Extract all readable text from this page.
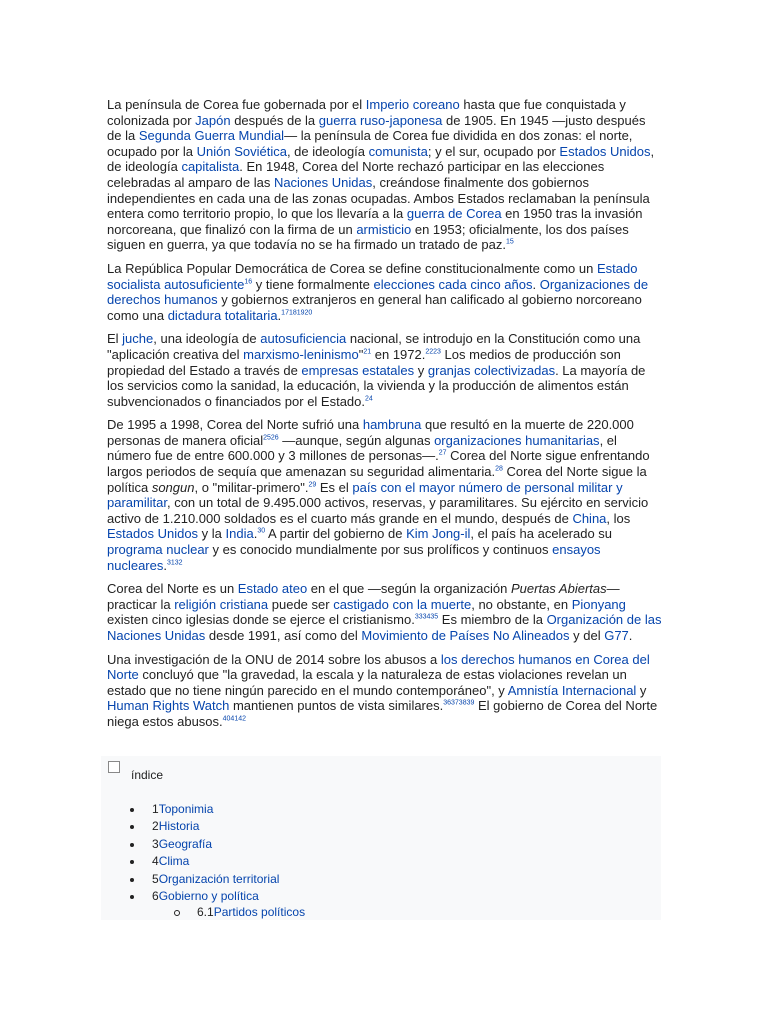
La península de Corea fue gobernada por el Imperio coreano hasta que fue conquistada y colonizada por Japón después de la guerra ruso-japonesa de 1905. En 1945 —justo después de la Segunda Guerra Mundial— la península de Corea fue dividida en dos zonas: el norte, ocupado por la Unión Soviética, de ideología comunista; y el sur, ocupado por Estados Unidos, de ideología capitalista. En 1948, Corea del Norte rechazó participar en las elecciones celebradas al amparo de las Naciones Unidas, creándose finalmente dos gobiernos independientes en cada una de las zonas ocupadas. Ambos Estados reclamaban la península entera como territorio propio, lo que los llevaría a la guerra de Corea en 1950 tras la invasión norcoreana, que finalizó con la firma de un armisticio en 1953; oficialmente, los dos países siguen en guerra, ya que todavía no se ha firmado un tratado de paz.$^{15}$

La República Popular Democrática de Corea se define constitucionalmente como un Estado socialista autosuficiente$^{16}$ y tiene formalmente elecciones cada cinco años. Organizaciones de derechos humanos y gobiernos extranjeros en general han calificado al gobierno norcoreano como una dictadura totalitaria.$^{17181920}$

El juche, una ideología de autosuficiencia nacional, se introdujo en la Constitución como una "aplicación creativa del marxismo-leninismo"$^{21}$ en 1972.$^{2223}$ Los medios de producción son propiedad del Estado a través de empresas estatales y granjas colectivizadas. La mayoría de los servicios como la sanidad, la educación, la vivienda y la producción de alimentos están subvencionados o financiados por el Estado.$^{24}$

De 1995 a 1998, Corea del Norte sufrió una hambruna que resultó en la muerte de 220.000 personas de manera oficial$^{2526}$ —aunque, según algunas organizaciones humanitarias, el número fue de entre 600.000 y 3 millones de personas—.$^{27}$ Corea del Norte sigue enfrentando largos periodos de sequía que amenazan su seguridad alimentaria.$^{28}$ Corea del Norte sigue la política songun, o "militar-primero".$^{29}$ Es el país con el mayor número de personal militar y paramilitar, con un total de 9.495.000 activos, reservas, y paramilitares. Su ejército en servicio activo de 1.210.000 soldados es el cuarto más grande en el mundo, después de China, los Estados Unidos y la India.$^{30}$ A partir del gobierno de Kim Jong-il, el país ha acelerado su programa nuclear y es conocido mundialmente por sus prolíficos y continuos ensayos nucleares.$^{3132}$

Corea del Norte es un Estado ateo en el que —según la organización Puertas Abiertas— practicar la religión cristiana puede ser castigado con la muerte, no obstante, en Pionyang existen cinco iglesias donde se ejerce el cristianismo.$^{333435}$ Es miembro de la Organización de las Naciones Unidas desde 1991, así como del Movimiento de Países No Alineados y del G77.

Una investigación de la ONU de 2014 sobre los abusos a los derechos humanos en Corea del Norte concluyó que "la gravedad, la escala y la naturaleza de estas violaciones revelan un estado que no tiene ningún parecido en el mundo contemporáneo", y Amnistía Internacional y Human Rights Watch mantienen puntos de vista similares.$^{36373839}$ El gobierno de Corea del Norte niega estos abusos.$^{404142}$

índice
1Toponimia
2Historia
3Geografía
4Clima
5Organización territorial
6Gobierno y política
6.1Partidos políticos
